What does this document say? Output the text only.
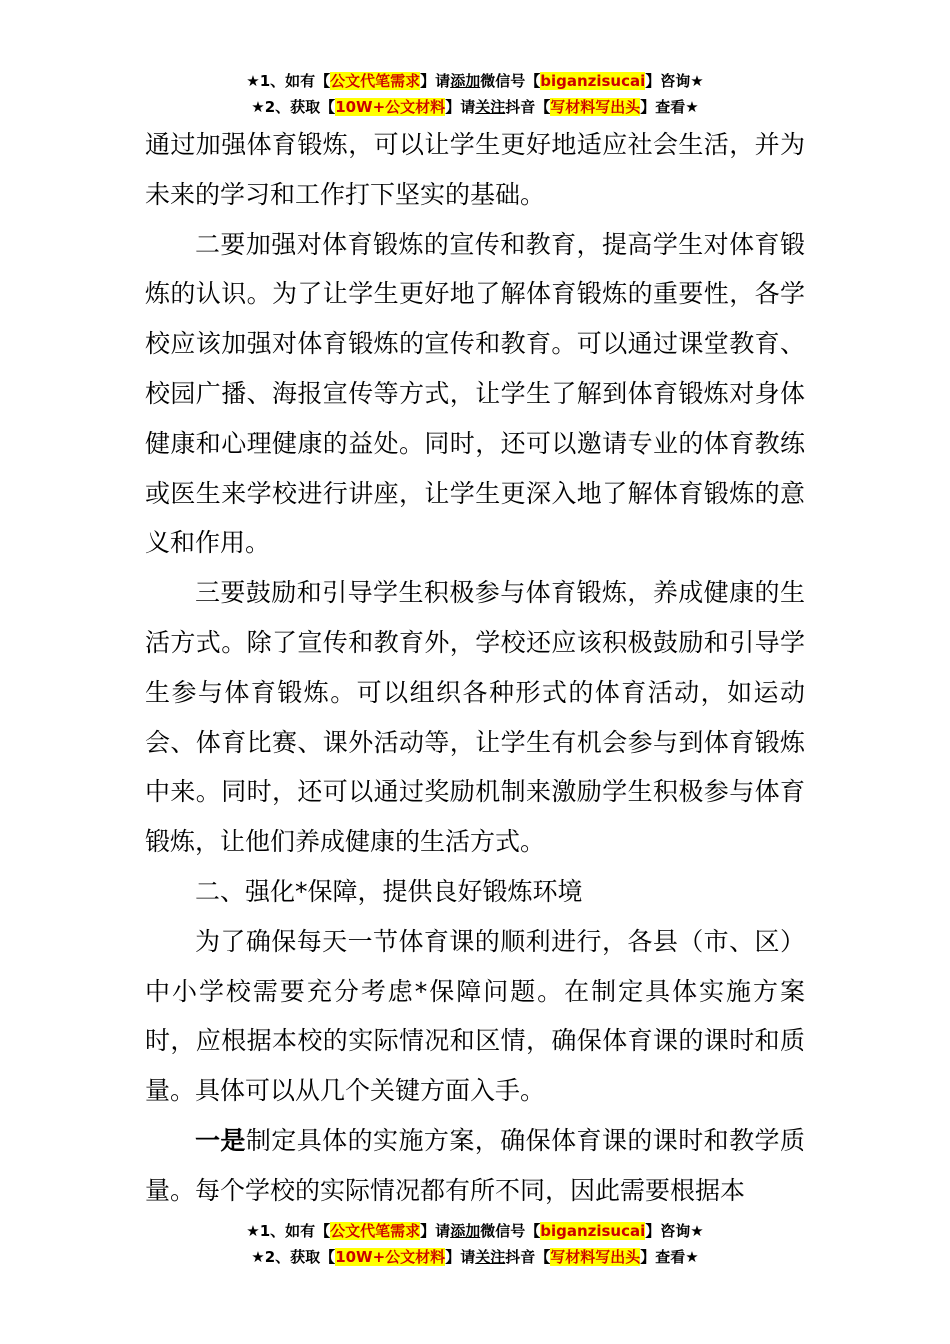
★1、如有【公文代笔需求】请添加微信号【biganzisucai】咨询★
★2、获取【10W+公文材料】请关注抖音【写材料写出头】查看★

通过加强体育锻炼，可以让学生更好地适应社会生活，并为未来的学习和工作打下坚实的基础。

二要加强对体育锻炼的宣传和教育，提高学生对体育锻炼的认识。为了让学生更好地了解体育锻炼的重要性，各学校应该加强对体育锻炼的宣传和教育。可以通过课堂教育、校园广播、海报宣传等方式，让学生了解到体育锻炼对身体健康和心理健康的益处。同时，还可以邀请专业的体育教练或医生来学校进行讲座，让学生更深入地了解体育锻炼的意义和作用。

三要鼓励和引导学生积极参与体育锻炼，养成健康的生活方式。除了宣传和教育外，学校还应该积极鼓励和引导学生参与体育锻炼。可以组织各种形式的体育活动，如运动会、体育比赛、课外活动等，让学生有机会参与到体育锻炼中来。同时，还可以通过奖励机制来激励学生积极参与体育锻炼，让他们养成健康的生活方式。

二、强化*保障，提供良好锻炼环境

为了确保每天一节体育课的顺利进行，各县（市、区）中小学校需要充分考虑*保障问题。在制定具体实施方案时，应根据本校的实际情况和区情，确保体育课的课时和质量。具体可以从几个关键方面入手。

一是制定具体的实施方案，确保体育课的课时和教学质量。每个学校的实际情况都有所不同，因此需要根据本

★1、如有【公文代笔需求】请添加微信号【biganzisucai】咨询★
★2、获取【10W+公文材料】请关注抖音【写材料写出头】查看★
